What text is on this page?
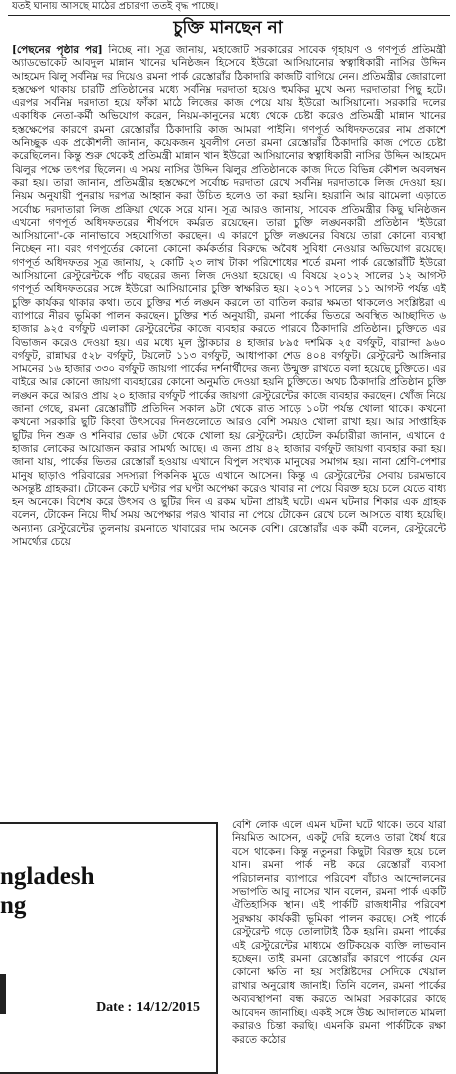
যতই ঘানায় আসছে মাঠের প্রচারণা ততই বৃদ্ধ পাচ্ছে।
চুক্তি মানছেন না

[পেছনের পৃষ্ঠার পর] নিচ্ছে না। সূত্র জানায়, মহাজোট সরকারের সাবেক গৃহায়ণ ও গণপূর্ত প্রতিমন্ত্রী অ্যাডভোকেট আবদুল মান্নান খানের ঘনিষ্ঠজন হিসেবে ইউরো আসিয়ানোর স্বত্বাধিকারী নাসির উদ্দিন আহমেদ ঝিলু সর্বনিম্ন দর দিয়েও রমনা পার্ক রেস্তোরাঁর ঠিকাদারি কাজটি বাগিয়ে নেন। প্রতিমন্ত্রীর জোরালো হস্তক্ষেপ থাকায় চারটি প্রতিষ্ঠানের মধ্যে সর্বনিম্ন দরদাতা হয়েও হুমকির মুখে অন্য দরদাতারা পিছু হটে। এরপর সর্বনিম্ন দরদাতা হয়ে ফাঁকা মাঠে লিজের কাজ পেয়ে যায় ইউরো আসিয়ানো। সরকারি দলের একাধিক নেতা-কর্মী অভিযোগ করেন, নিয়ম-কানুনের মধ্যে থেকে চেষ্টা করেও প্রতিমন্ত্রী মান্নান খানের হস্তক্ষেপের কারণে রমনা রেস্তোরাঁর ঠিকাদারি কাজ আমরা পাইনি। গণপূর্ত অধিদফতরের নাম প্রকাশে অনিচ্ছুক এক প্রকৌশলী জানান, কয়েকজন যুবলীগ নেতা রমনা রেস্তোরাঁর ঠিকাদারি কাজ পেতে চেষ্টা করেছিলেন। কিন্তু শুরু থেকেই প্রতিমন্ত্রী মান্নান খান ইউরো আসিয়ানোর স্বত্বাধিকারী নাসির উদ্দিন আহমেদ ঝিলুর পক্ষে তৎপর ছিলেন। এ সময় নাসির উদ্দিন ঝিলুর প্রতিষ্ঠানকে কাজ দিতে বিভিন্ন কৌশল অবলম্বন করা হয়। তারা জানান, প্রতিমন্ত্রীর হস্তক্ষেপে সর্বোচ্চ দরদাতা রেখে সর্বনিম্ন দরদাতাকে লিজ দেওয়া হয়। নিয়ম অনুযায়ী পুনরায় দরপত্র আহ্বান করা উচিত হলেও তা করা হয়নি। হয়রানি আর ঝামেলা এড়াতে সর্বোচ্চ দরদাতারা লিজ প্রক্রিয়া থেকে সরে যান। সূত্র আরও জানায়, সাবেক প্রতিমন্ত্রীর কিছু ঘনিষ্ঠজন এখনো গণপূর্ত অধিদফতরের শীর্ষপদে কর্মরত রয়েছেন। তারা চুক্তি লঙ্ঘনকারী প্রতিষ্ঠান 'ইউরো আসিয়ানো'-কে নানাভাবে সহযোগিতা করছেন। এ কারণে চুক্তি লঙ্ঘনের বিষয়ে তারা কোনো ব্যবস্থা নিচ্ছেন না। বরং গণপূর্তের কোনো কোনো কর্মকর্তার বিরুদ্ধে অবৈধ সুবিধা নেওয়ার অভিযোগ রয়েছে। গণপূর্ত অধিদফতর সূত্র জানায়, ২ কোটি ২৩ লাখ টাকা পরিশোধের শর্তে রমনা পার্ক রেস্তোরাঁটি ইউরো আসিয়ানো রেস্টুরেন্টকে পাঁচ বছরের জন্য লিজ দেওয়া হয়েছে। এ বিষয়ে ২০১২ সালের ১২ আগস্ট গণপূর্ত অধিদফতরের সঙ্গে ইউরো আসিয়ানোর চুক্তি স্বাক্ষরিত হয়। ২০১৭ সালের ১১ আগস্ট পর্যন্ত এই চুক্তি কার্যকর থাকার কথা। তবে চুক্তির শর্ত লঙ্ঘন করলে তা বাতিল করার ক্ষমতা থাকলেও সংশ্লিষ্টরা এ ব্যাপারে নীরব ভূমিকা পালন করছেন। চুক্তির শর্ত অনুযায়ী, রমনা পার্কের ভিতরে অবস্থিত আচ্ছাদিত ৬ হাজার ৯২৫ বর্গফুট এলাকা রেস্টুরেন্টের কাজে ব্যবহার করতে পারবে ঠিকাদারি প্রতিষ্ঠান। চুক্তিতে এর বিভাজন করেও দেওয়া হয়। এর মধ্যে মূল স্ট্রাকচার ৪ হাজার ৮৯৫ দশমিক ২৫ বর্গফুট, বারান্দা ৯৬০ বর্গফুট, রান্নাঘর ৫২৮ বর্গফুট, টয়লেট ১১৩ বর্গফুট, আধাপাকা শেড ৪০৪ বর্গফুট। রেস্টুরেন্ট আঙ্গিনার সামনের ১৬ হাজার ৩৩০ বর্গফুট জায়গা পার্কের দর্শনার্থীদের জন্য উন্মুক্ত রাখতে বলা হয়েছে চুক্তিতে। এর বাইরে আর কোনো জায়গা ব্যবহারের কোনো অনুমতি দেওয়া হয়নি চুক্তিতে। অথচ ঠিকাদারি প্রতিষ্ঠান চুক্তি লঙ্ঘন করে আরও প্রায় ২০ হাজার বর্গফুট পার্কের জায়গা রেস্টুরেন্টের কাজে ব্যবহার করছেন। খোঁজ নিয়ে জানা গেছে, রমনা রেস্তোরাঁটি প্রতিদিন সকাল ৯টা থেকে রাত সাড়ে ১০টা পর্যন্ত খোলা থাকে। কখনো কখনো সরকারি ছুটি কিংবা উৎসবের দিনগুলোতে আরও বেশি সময়ও খোলা রাখা হয়। আর সাপ্তাহিক ছুটির দিন শুক্র ও শনিবার ভোর ৬টা থেকে খোলা হয় রেস্টুরেন্ট। হোটেল কর্মচারীরা জানান, এখানে ৫ হাজার লোকের আয়োজন করার সামর্থ্য আছে। এ জন্য প্রায় ৪২ হাজার বর্গফুট জায়গা ব্যবহার করা হয়। জানা যায়, পার্কের ভিতর রেস্তোরাঁ হওয়ায় এখানে বিপুল সংখ্যক মানুষের সমাগম হয়। নানা শ্রেণি-পেশার মানুষ ছাড়াও পরিবারের সদস্যরা পিকনিক মুডে এখানে আসেন। কিন্তু এ রেস্টুরেন্টের সেবায় চরমভাবে অসন্তুষ্ট গ্রাহকরা। টোকেন কেটে ঘণ্টার পর ঘণ্টা অপেক্ষা করেও খাবার না পেয়ে বিরক্ত হয়ে চলে যেতে বাধ্য হন অনেকে। বিশেষ করে উৎসব ও ছুটির দিন এ রকম ঘটনা প্রায়ই ঘটে। এমন ঘটনার শিকার এক গ্রাহক বলেন, টোকেন নিয়ে দীর্ঘ সময় অপেক্ষার পরও খাবার না পেয়ে টোকেন রেখে চলে আসতে বাধ্য হয়েছি। অন্যান্য রেস্টুরেন্টের তুলনায় রমনাতে খাবারের দাম অনেক বেশি। রেস্তোরাঁর এক কর্মী বলেন, রেস্টুরেন্টে সামর্থ্যের চেয়ে

ngladesh
ng
Date : 14/12/2015

বেশি লোক এলে এমন ঘটনা ঘটে থাকে। তবে যারা নিয়মিত আসেন, একটু দেরি হলেও তারা ধৈর্য ধরে বসে থাকেন। কিন্তু নতুনরা কিছুটা বিরক্ত হয়ে চলে যান। রমনা পার্ক নষ্ট করে রেস্তোরাঁ ব্যবসা পরিচালনার ব্যাপারে পরিবেশ বাঁচাও আন্দোলনের সভাপতি আবু নাসের খান বলেন, রমনা পার্ক একটি ঐতিহাসিক স্থান। এই পার্কটি রাজধানীর পরিবেশ সুরক্ষায় কার্যকরী ভূমিকা পালন করছে। সেই পার্কে রেস্টুরেন্ট গড়ে তোলাটাই ঠিক হয়নি। রমনা পার্কের এই রেস্টুরেন্টের মাধ্যমে গুটিকয়েক ব্যক্তি লাভবান হচ্ছেন। তাই রমনা রেস্তোরাঁর কারণে পার্কের যেন কোনো ক্ষতি না হয় সংশ্লিষ্টদের সেদিকে খেয়াল রাখার অনুরোধ জানাই। তিনি বলেন, রমনা পার্কের অব্যবস্থাপনা বন্ধ করতে আমরা সরকারের কাছে আবেদন জানাচ্ছি। একই সঙ্গে উচ্চ আদালতে মামলা করারও চিন্তা করছি। এমনকি রমনা পার্কটিকে রক্ষা করতে কঠোর
